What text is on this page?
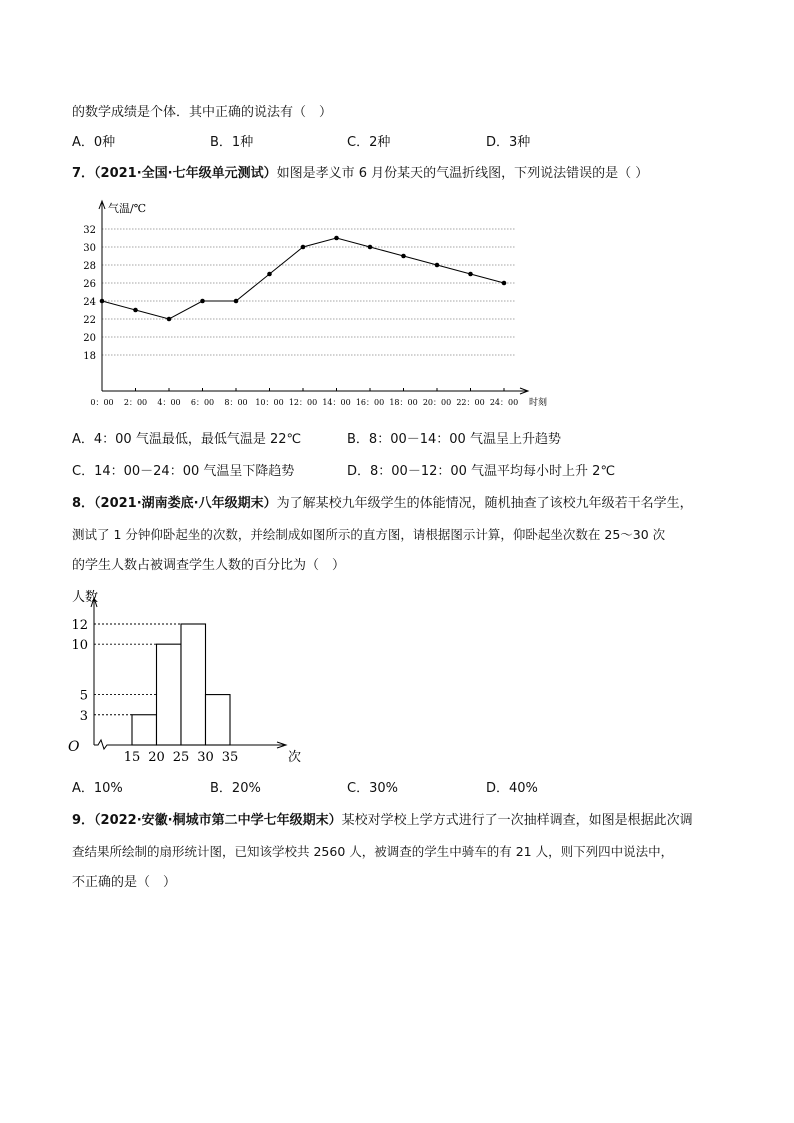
的数学成绩是个体．其中正确的说法有（　）
A．0种	B．1种	C．2种	D．3种
7．（2021·全国·七年级单元测试）如图是孝义市 6 月份某天的气温折线图，下列说法错误的是（ ）
18
20
22
24
26
28
30
32
气温/℃
0：00 2：00 4：00 6：00 8：00 10：00 12：00 14：00 16：00 18：00 20：00 22：00 24：00 时刻
A．4：00 气温最低，最低气温是 22℃	B．8：00－14：00 气温呈上升趋势
C．14：00－24：00 气温呈下降趋势	D．8：00－12：00 气温平均每小时上升 2℃
8．（2021·湖南娄底·八年级期末）为了解某校九年级学生的体能情况，随机抽查了该校九年级若干名学生，
测试了 1 分钟仰卧起坐的次数，并绘制成如图所示的直方图，请根据图示计算，仰卧起坐次数在 25～30 次
的学生人数占被调查学生人数的百分比为（　）
3
5
10
12
15 20 25 30 35
人数
次
O
A．10%	B．20%	C．30%	D．40%
9．（2022·安徽·桐城市第二中学七年级期末）某校对学校上学方式进行了一次抽样调查，如图是根据此次调
查结果所绘制的扇形统计图，已知该学校共 2560 人，被调查的学生中骑车的有 21 人，则下列四中说法中，
不正确的是（　）
